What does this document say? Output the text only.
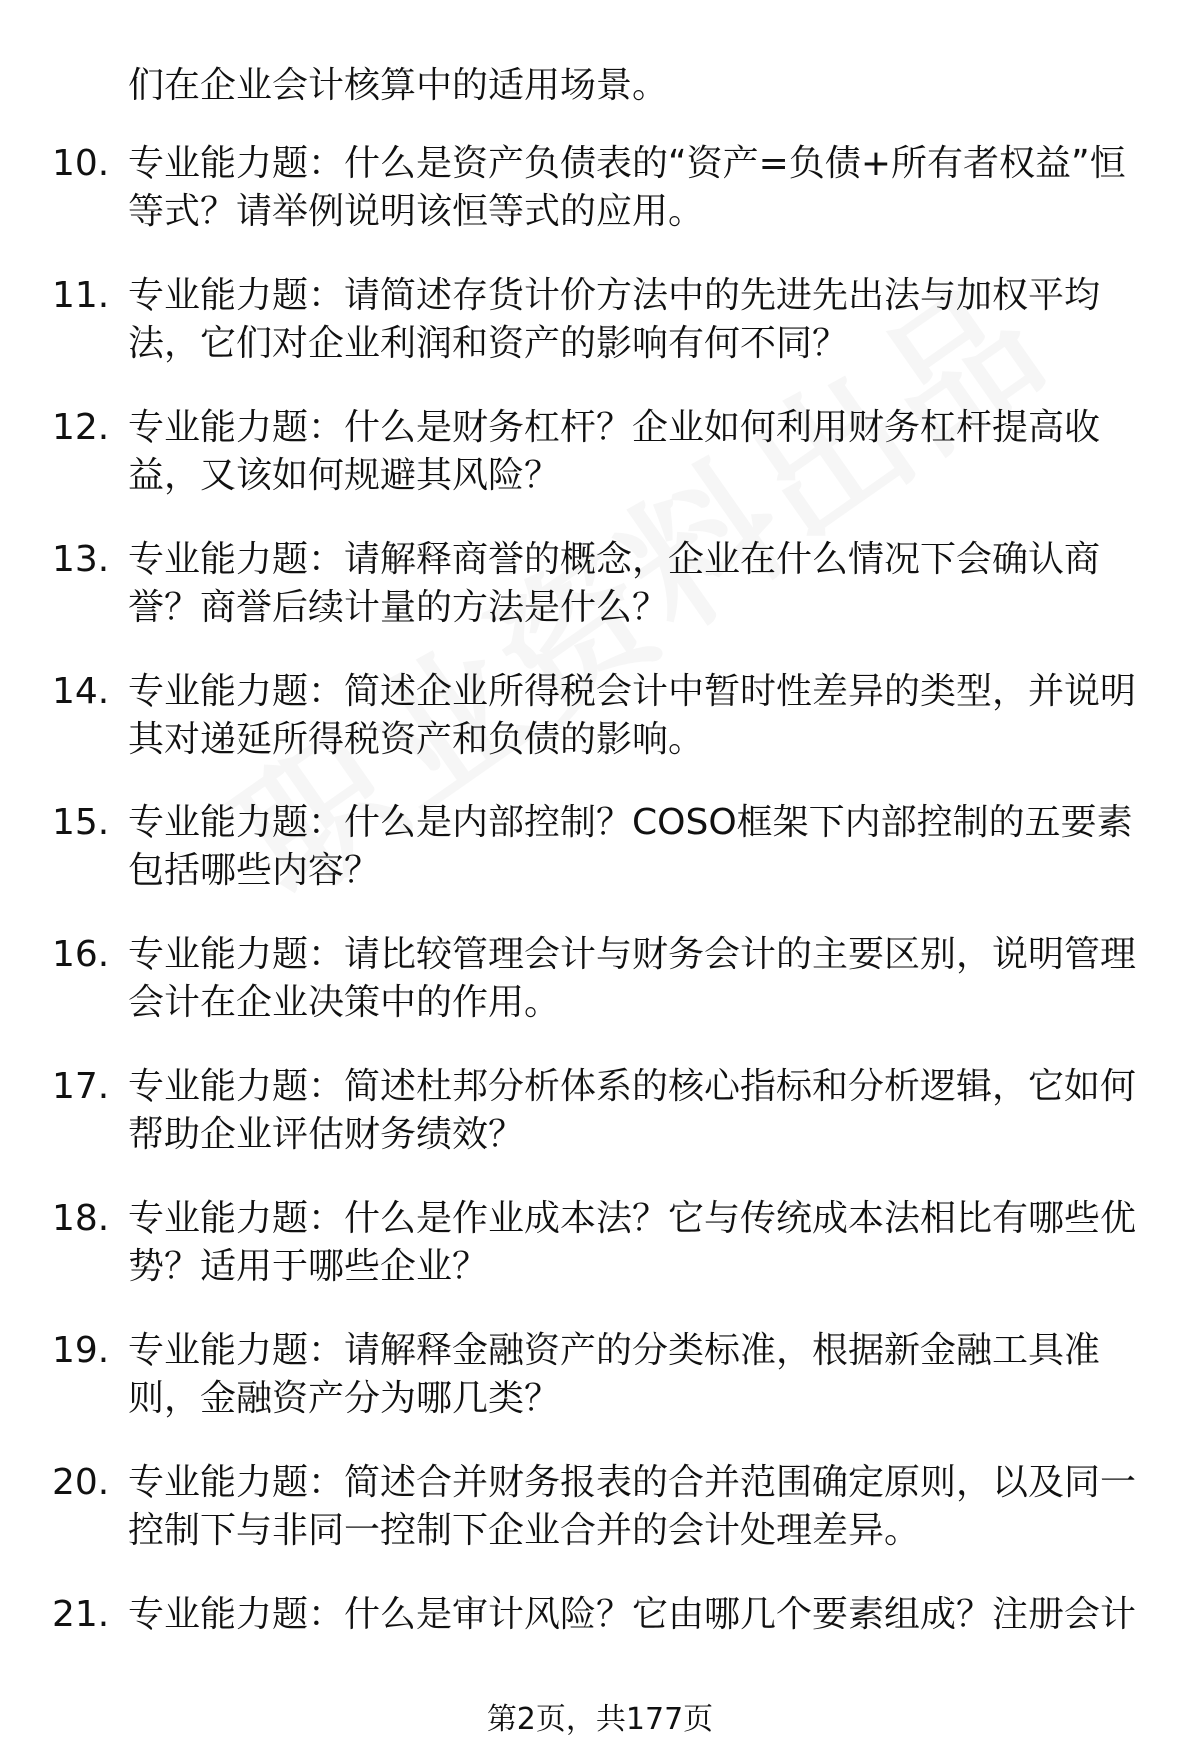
们在企业会计核算中的适用场景。
10. 专业能力题：什么是资产负债表的“资产=负债+所有者权益”恒
等式？请举例说明该恒等式的应用。
11. 专业能力题：请简述存货计价方法中的先进先出法与加权平均
法，它们对企业利润和资产的影响有何不同？
12. 专业能力题：什么是财务杠杆？企业如何利用财务杠杆提高收
益，又该如何规避其风险？
13. 专业能力题：请解释商誉的概念，企业在什么情况下会确认商
誉？商誉后续计量的方法是什么？
14. 专业能力题：简述企业所得税会计中暂时性差异的类型，并说明
其对递延所得税资产和负债的影响。
15. 专业能力题：什么是内部控制？COSO框架下内部控制的五要素
包括哪些内容？
16. 专业能力题：请比较管理会计与财务会计的主要区别，说明管理
会计在企业决策中的作用。
17. 专业能力题：简述杜邦分析体系的核心指标和分析逻辑，它如何
帮助企业评估财务绩效？
18. 专业能力题：什么是作业成本法？它与传统成本法相比有哪些优
势？适用于哪些企业？
19. 专业能力题：请解释金融资产的分类标准，根据新金融工具准
则，金融资产分为哪几类？
20. 专业能力题：简述合并财务报表的合并范围确定原则，以及同一
控制下与非同一控制下企业合并的会计处理差异。
21. 专业能力题：什么是审计风险？它由哪几个要素组成？注册会计
第2页，共177页
